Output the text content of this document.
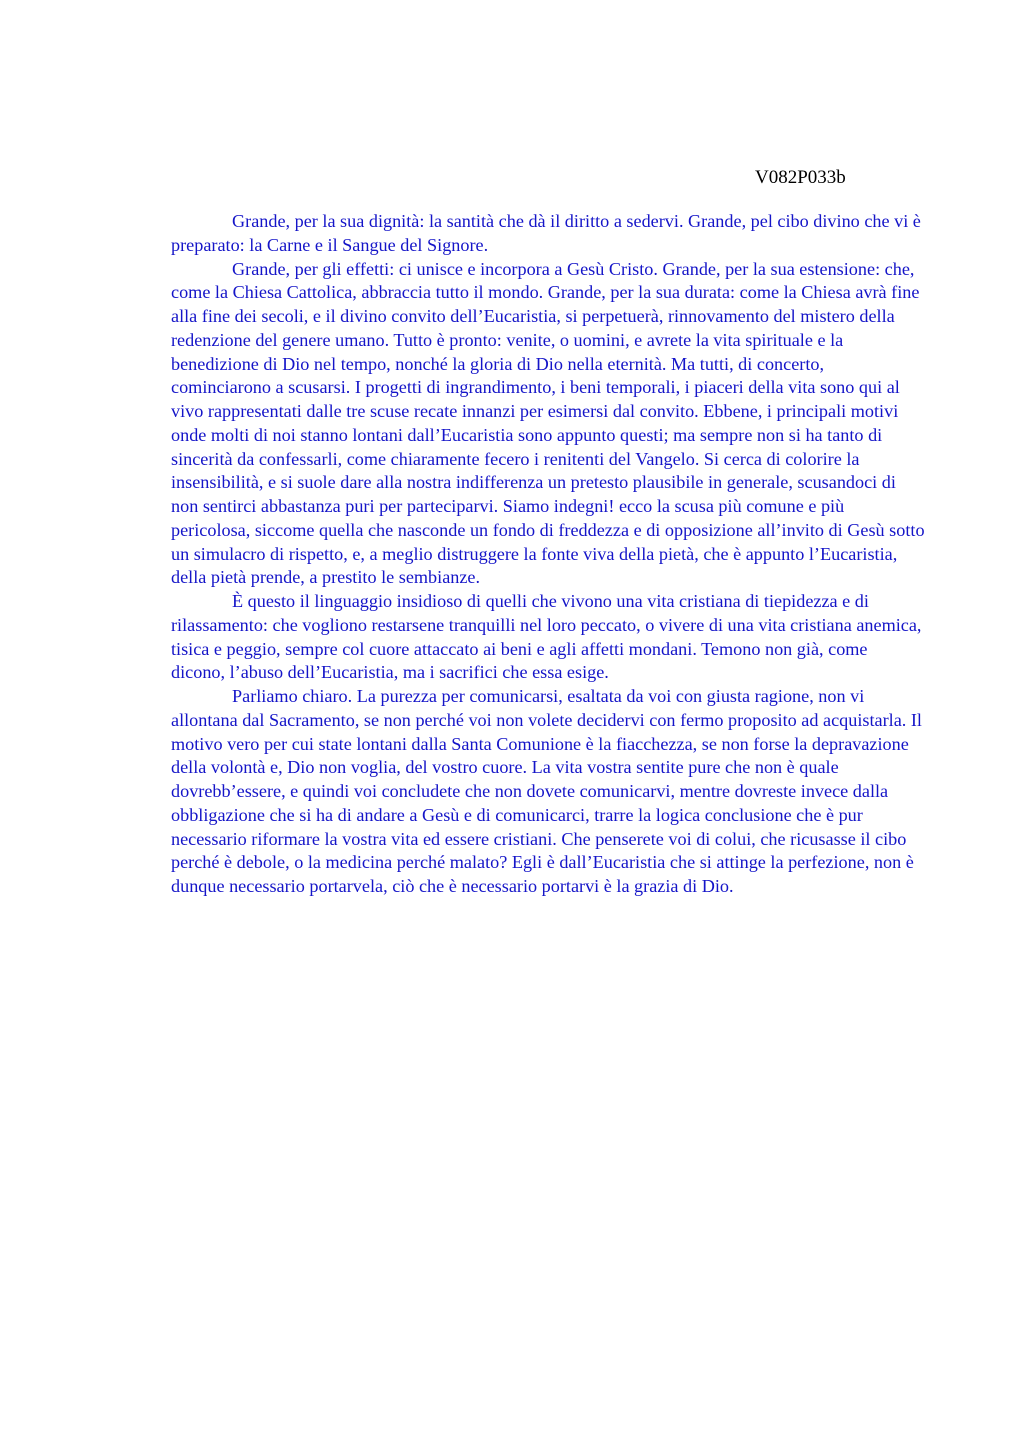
V082P033b

Grande, per la sua dignità: la santità che dà il diritto a sedervi. Grande, pel cibo divino che vi è preparato: la Carne e il Sangue del Signore.

Grande, per gli effetti: ci unisce e incorpora a Gesù Cristo. Grande, per la sua estensione: che, come la Chiesa Cattolica, abbraccia tutto il mondo. Grande, per la sua durata: come la Chiesa avrà fine alla fine dei secoli, e il divino convito dell’Eucaristia, si perpetuerà, rinnovamento del mistero della redenzione del genere umano. Tutto è pronto: venite, o uomini, e avrete la vita spirituale e la benedizione di Dio nel tempo, nonché la gloria di Dio nella eternità. Ma tutti, di concerto, cominciarono a scusarsi. I progetti di ingrandimento, i beni temporali, i piaceri della vita sono qui al vivo rappresentati dalle tre scuse recate innanzi per esimersi dal convito. Ebbene, i principali motivi onde molti di noi stanno lontani dall’Eucaristia sono appunto questi; ma sempre non si ha tanto di sincerità da confessarli, come chiaramente fecero i renitenti del Vangelo. Si cerca di colorire la insensibilità, e si suole dare alla nostra indifferenza un pretesto plausibile in generale, scusandoci di non sentirci abbastanza puri per parteciparvi. Siamo indegni! ecco la scusa più comune e più pericolosa, siccome quella che nasconde un fondo di freddezza e di opposizione all’invito di Gesù sotto un simulacro di rispetto, e, a meglio distruggere la fonte viva della pietà, che è appunto l’Eucaristia, della pietà prende, a prestito le sembianze.

È questo il linguaggio insidioso di quelli che vivono una vita cristiana di tiepidezza e di rilassamento: che vogliono restarsene tranquilli nel loro peccato, o vivere di una vita cristiana anemica, tisica e peggio, sempre col cuore attaccato ai beni e agli affetti mondani. Temono non già, come dicono, l’abuso dell’Eucaristia, ma i sacrifici che essa esige.

Parliamo chiaro. La purezza per comunicarsi, esaltata da voi con giusta ragione, non vi allontana dal Sacramento, se non perché voi non volete decidervi con fermo proposito ad acquistarla. Il motivo vero per cui state lontani dalla Santa Comunione è la fiacchezza, se non forse la depravazione della volontà e, Dio non voglia, del vostro cuore. La vita vostra sentite pure che non è quale dovrebb’essere, e quindi voi concludete che non dovete comunicarvi, mentre dovreste invece dalla obbligazione che si ha di andare a Gesù e di comunicarci, trarre la logica conclusione che è pur necessario riformare la vostra vita ed essere cristiani. Che penserete voi di colui, che ricusasse il cibo perché è debole, o la medicina perché malato? Egli è dall’Eucaristia che si attinge la perfezione, non è dunque necessario portarvela, ciò che è necessario portarvi è la grazia di Dio.
